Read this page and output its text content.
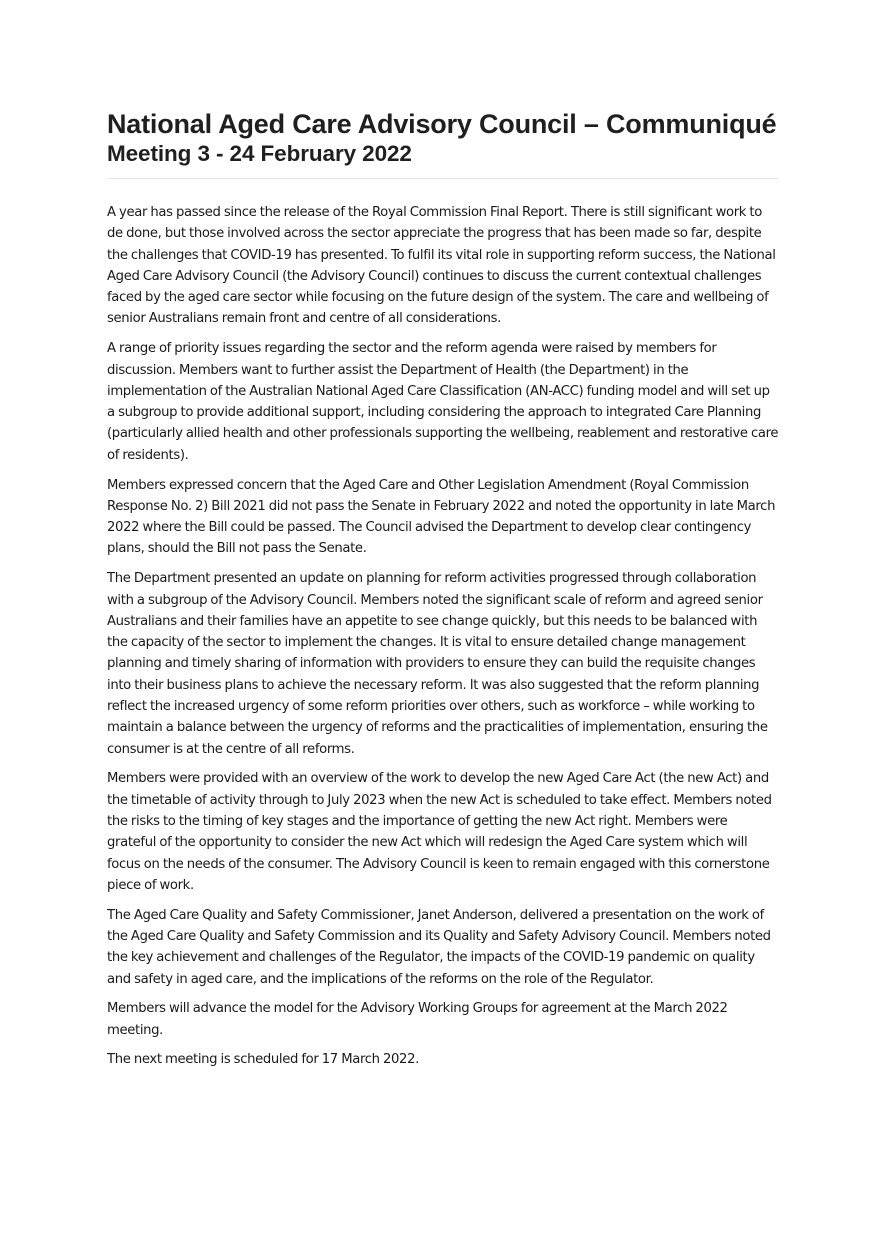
National Aged Care Advisory Council – Communiqué
Meeting 3 - 24 February 2022

A year has passed since the release of the Royal Commission Final Report. There is still significant work to de done, but those involved across the sector appreciate the progress that has been made so far, despite the challenges that COVID-19 has presented. To fulfil its vital role in supporting reform success, the National Aged Care Advisory Council (the Advisory Council) continues to discuss the current contextual challenges faced by the aged care sector while focusing on the future design of the system. The care and wellbeing of senior Australians remain front and centre of all considerations.

A range of priority issues regarding the sector and the reform agenda were raised by members for discussion. Members want to further assist the Department of Health (the Department) in the implementation of the Australian National Aged Care Classification (AN-ACC) funding model and will set up a subgroup to provide additional support, including considering the approach to integrated Care Planning (particularly allied health and other professionals supporting the wellbeing, reablement and restorative care of residents).

Members expressed concern that the Aged Care and Other Legislation Amendment (Royal Commission Response No. 2) Bill 2021 did not pass the Senate in February 2022 and noted the opportunity in late March 2022 where the Bill could be passed. The Council advised the Department to develop clear contingency plans, should the Bill not pass the Senate.

The Department presented an update on planning for reform activities progressed through collaboration with a subgroup of the Advisory Council. Members noted the significant scale of reform and agreed senior Australians and their families have an appetite to see change quickly, but this needs to be balanced with the capacity of the sector to implement the changes. It is vital to ensure detailed change management planning and timely sharing of information with providers to ensure they can build the requisite changes into their business plans to achieve the necessary reform. It was also suggested that the reform planning reflect the increased urgency of some reform priorities over others, such as workforce – while working to maintain a balance between the urgency of reforms and the practicalities of implementation, ensuring the consumer is at the centre of all reforms.

Members were provided with an overview of the work to develop the new Aged Care Act (the new Act) and the timetable of activity through to July 2023 when the new Act is scheduled to take effect. Members noted the risks to the timing of key stages and the importance of getting the new Act right. Members were grateful of the opportunity to consider the new Act which will redesign the Aged Care system which will focus on the needs of the consumer. The Advisory Council is keen to remain engaged with this cornerstone piece of work.

The Aged Care Quality and Safety Commissioner, Janet Anderson, delivered a presentation on the work of the Aged Care Quality and Safety Commission and its Quality and Safety Advisory Council. Members noted the key achievement and challenges of the Regulator, the impacts of the COVID-19 pandemic on quality and safety in aged care, and the implications of the reforms on the role of the Regulator.

Members will advance the model for the Advisory Working Groups for agreement at the March 2022 meeting.

The next meeting is scheduled for 17 March 2022.
